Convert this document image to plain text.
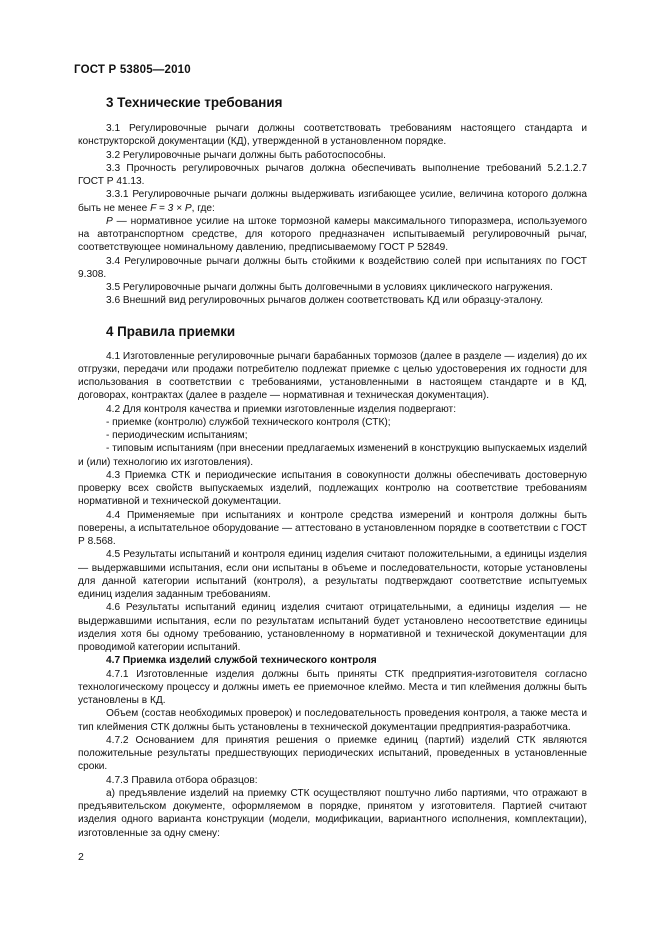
ГОСТ Р 53805—2010
3 Технические требования

3.1 Регулировочные рычаги должны соответствовать требованиям настоящего стандарта и конструкторской документации (КД), утвержденной в установленном порядке.

3.2 Регулировочные рычаги должны быть работоспособны.

3.3 Прочность регулировочных рычагов должна обеспечивать выполнение требований 5.2.1.2.7 ГОСТ Р 41.13.

3.3.1 Регулировочные рычаги должны выдерживать изгибающее усилие, величина которого должна быть не менее F = 3 × P, где:

P — нормативное усилие на штоке тормозной камеры максимального типоразмера, используемого на автотранспортном средстве, для которого предназначен испытываемый регулировочный рычаг, соответствующее номинальному давлению, предписываемому ГОСТ Р 52849.

3.4 Регулировочные рычаги должны быть стойкими к воздействию солей при испытаниях по ГОСТ 9.308.

3.5 Регулировочные рычаги должны быть долговечными в условиях циклического нагружения.

3.6 Внешний вид регулировочных рычагов должен соответствовать КД или образцу-эталону.

4 Правила приемки

4.1 Изготовленные регулировочные рычаги барабанных тормозов (далее в разделе — изделия) до их отгрузки, передачи или продажи потребителю подлежат приемке с целью удостоверения их годности для использования в соответствии с требованиями, установленными в настоящем стандарте и в КД, договорах, контрактах (далее в разделе — нормативная и техническая документация).

4.2 Для контроля качества и приемки изготовленные изделия подвергают:

- приемке (контролю) службой технического контроля (СТК);

- периодическим испытаниям;

- типовым испытаниям (при внесении предлагаемых изменений в конструкцию выпускаемых изделий и (или) технологию их изготовления).

4.3 Приемка СТК и периодические испытания в совокупности должны обеспечивать достоверную проверку всех свойств выпускаемых изделий, подлежащих контролю на соответствие требованиям нормативной и технической документации.

4.4 Применяемые при испытаниях и контроле средства измерений и контроля должны быть поверены, а испытательное оборудование — аттестовано в установленном порядке в соответствии с ГОСТ Р 8.568.

4.5 Результаты испытаний и контроля единиц изделия считают положительными, а единицы изделия — выдержавшими испытания, если они испытаны в объеме и последовательности, которые установлены для данной категории испытаний (контроля), а результаты подтверждают соответствие испытуемых единиц изделия заданным требованиям.

4.6 Результаты испытаний единиц изделия считают отрицательными, а единицы изделия — не выдержавшими испытания, если по результатам испытаний будет установлено несоответствие единицы изделия хотя бы одному требованию, установленному в нормативной и технической документации для проводимой категории испытаний.

4.7 Приемка изделий службой технического контроля

4.7.1 Изготовленные изделия должны быть приняты СТК предприятия-изготовителя согласно технологическому процессу и должны иметь ее приемочное клеймо. Места и тип клеймения должны быть установлены в КД.

Объем (состав необходимых проверок) и последовательность проведения контроля, а также места и тип клеймения СТК должны быть установлены в технической документации предприятия-разработчика.

4.7.2 Основанием для принятия решения о приемке единиц (партий) изделий СТК являются положительные результаты предшествующих периодических испытаний, проведенных в установленные сроки.

4.7.3 Правила отбора образцов:

а) предъявление изделий на приемку СТК осуществляют поштучно либо партиями, что отражают в предъявительском документе, оформляемом в порядке, принятом у изготовителя. Партией считают изделия одного варианта конструкции (модели, модификации, вариантного исполнения, комплектации), изготовленные за одну смену:

2
